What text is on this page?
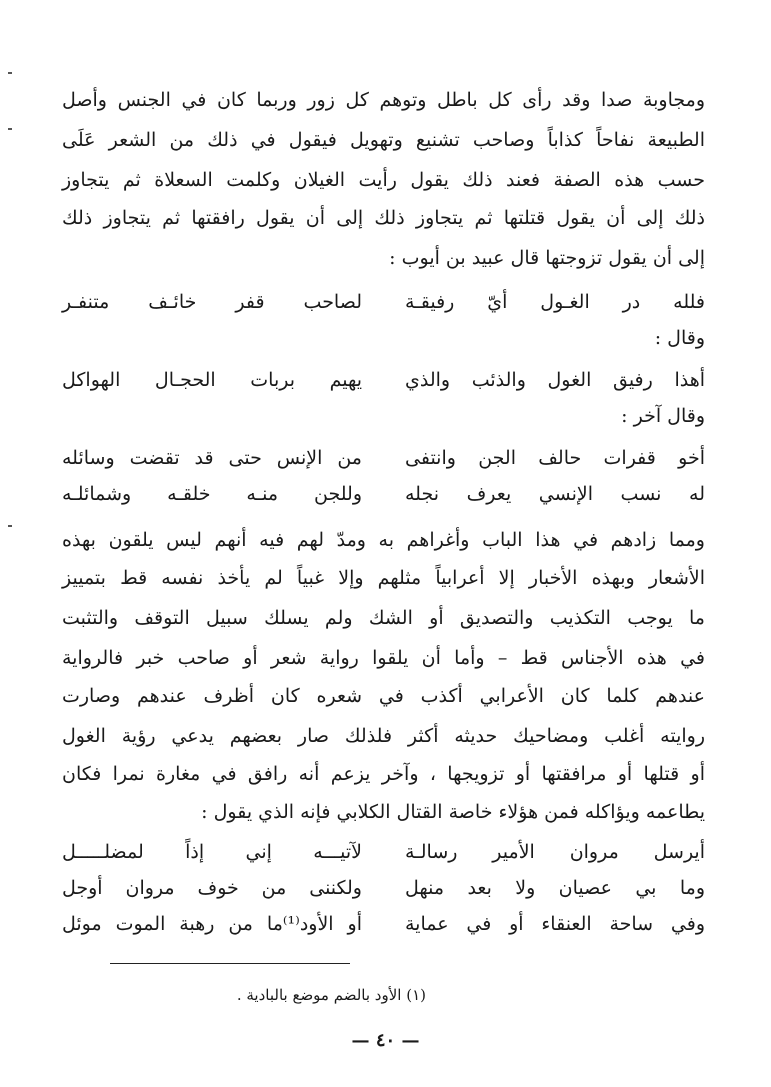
ومجاوبة صدا وقد رأى كل باطل وتوهم كل زور وربما كان في الجنس وأصل
الطبيعة نفاحاً كذاباً وصاحب تشنيع وتهويل فيقول في ذلك من الشعر عَلَى
حسب هذه الصفة فعند ذلك يقول رأيت الغيلان وكلمت السعلاة ثم يتجاوز
ذلك إلى أن يقول قتلتها ثم يتجاوز ذلك إلى أن يقول رافقتها ثم يتجاوز ذلك
إلى أن يقول تزوجتها قال عبيد بن أيوب :
فلله در الغـول أيّ رفيقـة
لصاحب قفر خائـف متنفـر
وقال :
أهذا رفيق الغول والذئب والذي
يهيم بربات الحجـال الهواكل
وقال آخر :
أخو قفرات حالف الجن وانتفى
من الإنس حتى قد تقضت وسائله
له نسب الإنسي يعرف نجله
وللجن منـه خلقـه وشمائلـه
ومما زادهم في هذا الباب وأغراهم به ومدّ لهم فيه أنهم ليس يلقون بهذه
الأشعار وبهذه الأخبار إلا أعرابياً مثلهم وإلا غبياً لم يأخذ نفسه قط بتمييز
ما يوجب التكذيب والتصديق أو الشك ولم يسلك سبيل التوقف والتثبت
في هذه الأجناس قط – وأما أن يلقوا رواية شعر أو صاحب خبر فالرواية
عندهم كلما كان الأعرابي أكذب في شعره كان أظرف عندهم وصارت
روايته أغلب ومضاحيك حديثه أكثر فلذلك صار بعضهم يدعي رؤية الغول
أو قتلها أو مرافقتها أو تزويجها ، وآخر يزعم أنه رافق في مغارة نمرا فكان
يطاعمه ويؤاكله فمن هؤلاء خاصة القتال الكلابي فإنه الذي يقول :
أيرسل مروان الأمير رسالـة
لآتيـــه إني إذاً لمضلـــــل
وما بي عصيان ولا بعد منهل
ولكننى من خوف مروان أوجل
وفي ساحة العنقاء أو في عماية
أو الأود⁽¹⁾ما من رهبة الموت موئل
(١) الأود بالضم موضع بالبادية .
— ٤٠ —
